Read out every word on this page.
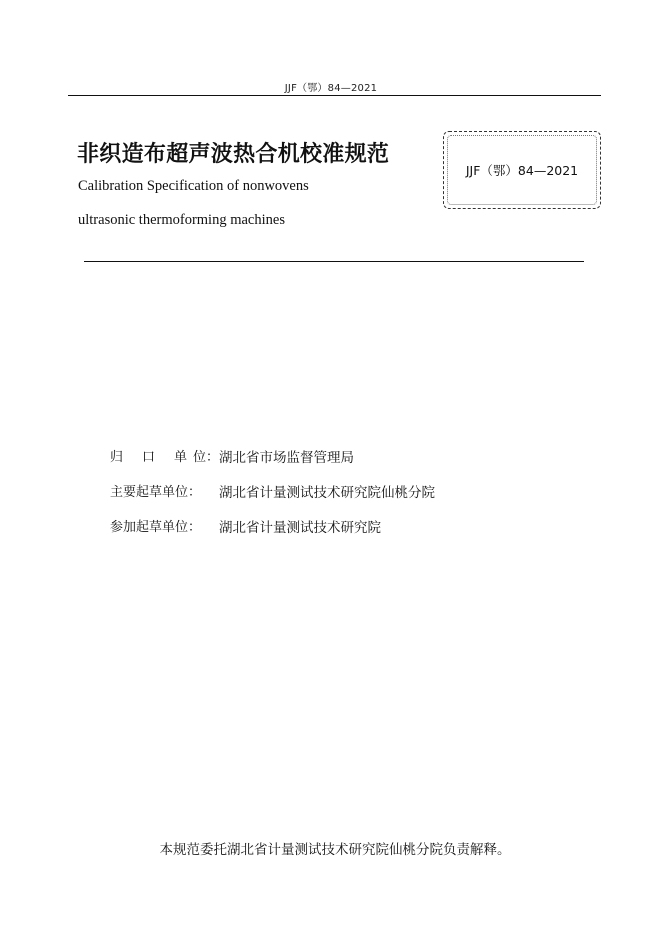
JJF（鄂）84—2021
非织造布超声波热合机校准规范
Calibration Specification of nonwovens
ultrasonic thermoforming machines
JJF（鄂）84—2021
归 口 单 位： 湖北省市场监督管理局
主要起草单位：	湖北省计量测试技术研究院仙桃分院
参加起草单位：	湖北省计量测试技术研究院
本规范委托湖北省计量测试技术研究院仙桃分院负责解释。
